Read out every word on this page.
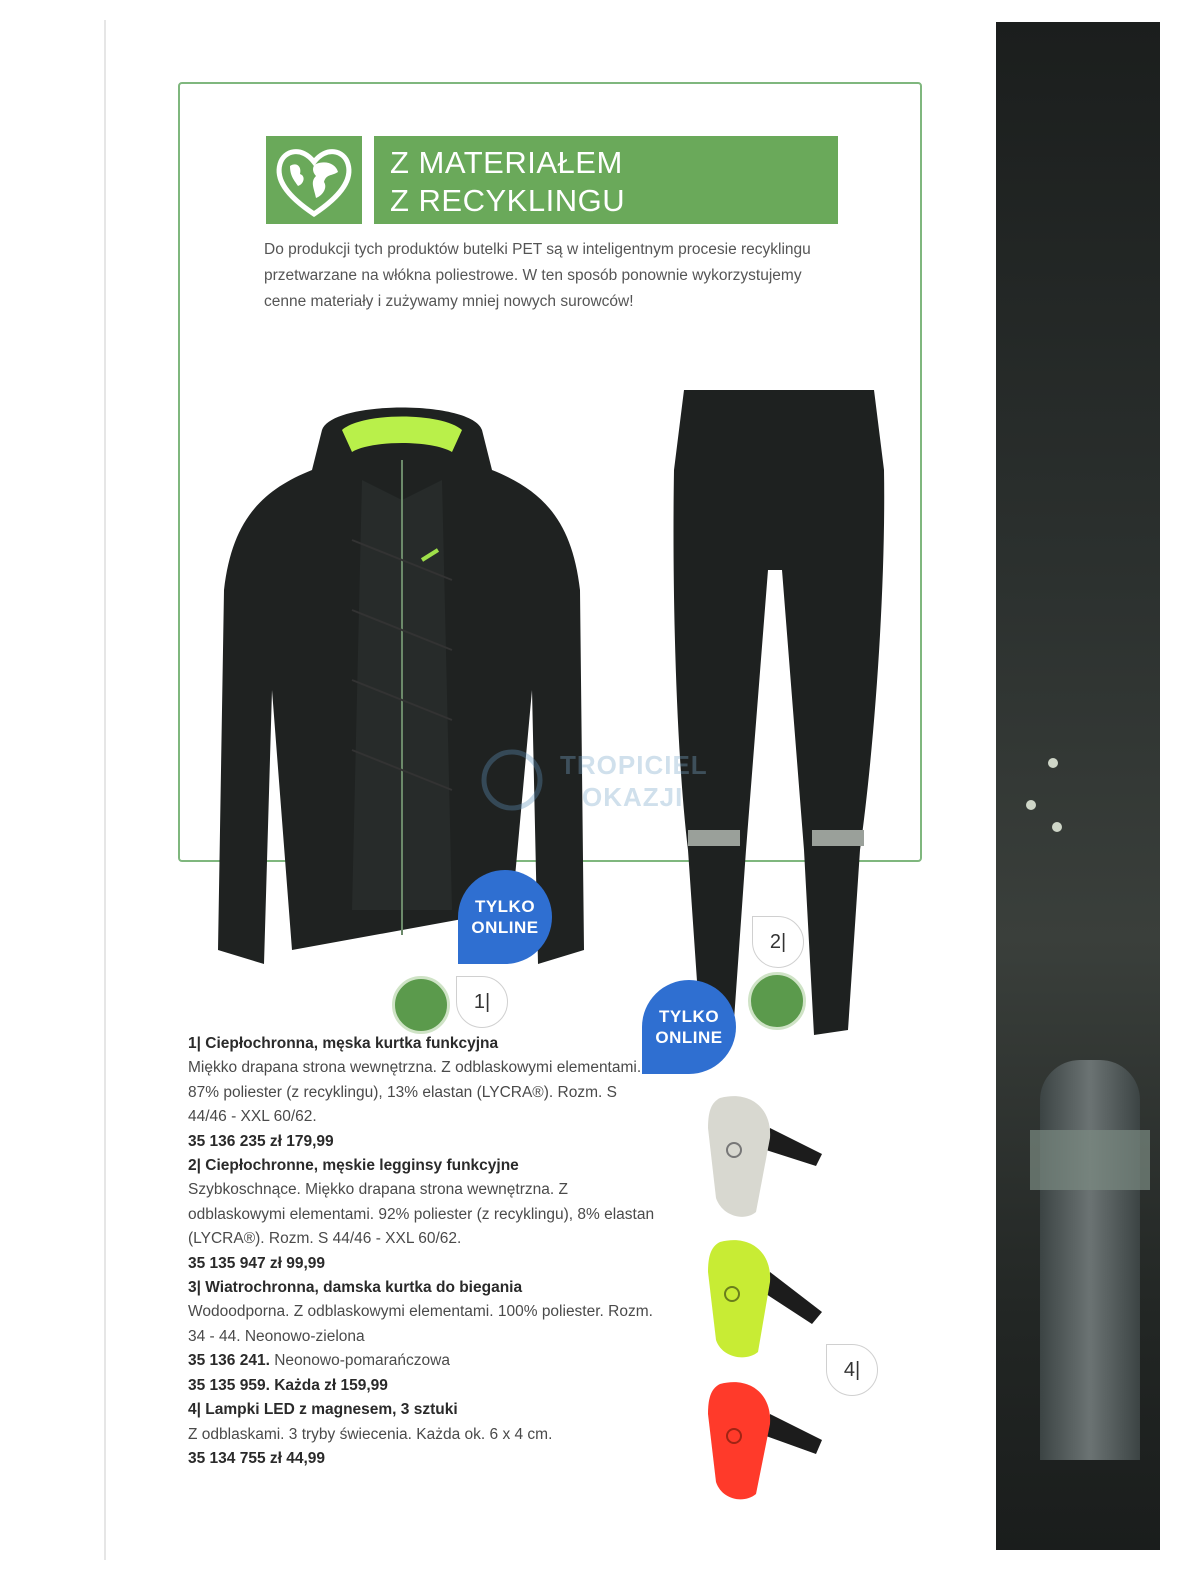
Z MATERIAŁEM
Z RECYKLINGU
Do produkcji tych produktów butelki PET są w inteligentnym procesie recyklingu przetwarzane na włókna poliestrowe. W ten sposób ponownie wykorzystujemy cenne materiały i zużywamy mniej nowych surowców!
TYLKO
ONLINE
TYLKO
ONLINE
1|
2|
4|
TROPICIEL
OKAZJI

1| Ciepłochronna, męska kurtka funkcyjna

Miękko drapana strona wewnętrzna. Z odblaskowymi elementami. 87% poliester (z recyklingu), 13% elastan (LYCRA®). Rozm. S 44/46 - XXL 60/62.

35 136 235 zł 179,99

2| Ciepłochronne, męskie legginsy funkcyjne

Szybkoschnące. Miękko drapana strona wewnętrzna. Z odblaskowymi elementami. 92% poliester (z recyklingu), 8% elastan (LYCRA®). Rozm. S 44/46 - XXL 60/62.

35 135 947 zł 99,99

3| Wiatrochronna, damska kurtka do biegania

Wodoodporna. Z odblaskowymi elementami. 100% poliester. Rozm. 34 - 44. Neonowo-zielona

35 136 241. Neonowo-pomarańczowa

35 135 959. Każda zł 159,99

4| Lampki LED z magnesem, 3 sztuki

Z odblaskami. 3 tryby świecenia. Każda ok. 6 x 4 cm.

35 134 755 zł 44,99
